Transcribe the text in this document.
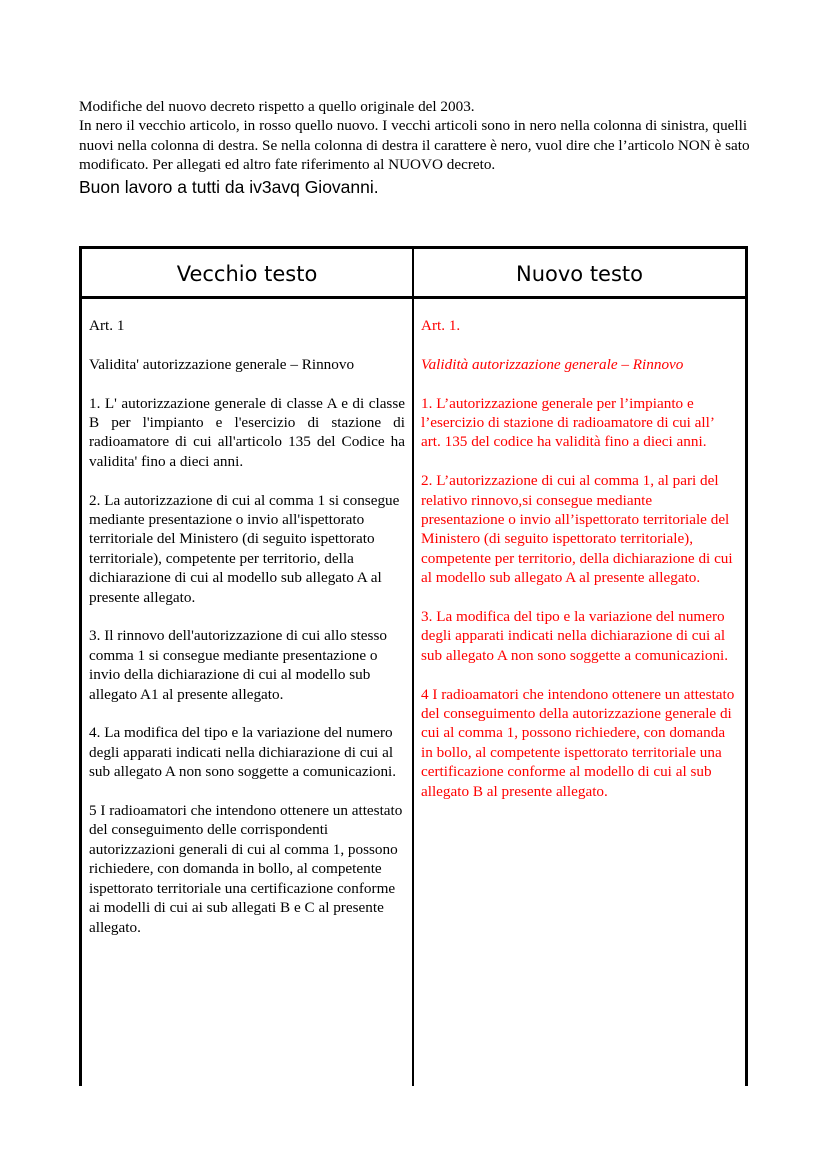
Modifiche del nuovo decreto rispetto a quello originale del 2003.

In nero il vecchio articolo, in rosso quello nuovo. I vecchi articoli sono in nero nella colonna di sinistra, quelli nuovi nella colonna di destra. Se nella colonna di destra il carattere è nero, vuol dire che l’articolo NON è sato modificato. Per allegati ed altro fate riferimento al NUOVO decreto.

Buon lavoro a tutti da iv3avq Giovanni.

Vecchio testo	Nuovo testo

Art. 1

Validita' autorizzazione generale – Rinnovo

1. L' autorizzazione generale di classe A e di classe B per l'impianto e l'esercizio di stazione di radioamatore di cui all'articolo 135 del Codice ha validita' fino a dieci anni.

2. La autorizzazione di cui al comma 1 si consegue mediante presentazione o invio all'ispettorato territoriale del Ministero (di seguito ispettorato territoriale), competente per territorio, della dichiarazione di cui al modello sub allegato A al presente allegato.

3. Il rinnovo dell'autorizzazione di cui allo stesso comma 1 si consegue mediante presentazione o invio della dichiarazione di cui al modello sub allegato A1 al presente allegato.

4. La modifica del tipo e la variazione del numero degli apparati indicati nella dichiarazione di cui al sub allegato A non sono soggette a comunicazioni.

5 I radioamatori che intendono ottenere un attestato del conseguimento delle corrispondenti autorizzazioni generali di cui al comma 1, possono richiedere, con domanda in bollo, al competente ispettorato territoriale una certificazione conforme ai modelli di cui ai sub allegati B e C al presente allegato.

Art. 1.

Validità autorizzazione generale – Rinnovo

1. L’autorizzazione generale per l’impianto e l’esercizio di stazione di radioamatore di cui all’ art. 135 del codice ha validità fino a dieci anni.

2. L’autorizzazione di cui al comma 1, al pari del relativo rinnovo,si consegue mediante presentazione o invio all’ispettorato territoriale del Ministero (di seguito ispettorato territoriale), competente per territorio, della dichiarazione di cui al modello sub allegato A al presente allegato.

3. La modifica del tipo e la variazione del numero degli apparati indicati nella dichiarazione di cui al sub allegato A non sono soggette a comunicazioni.

4 I radioamatori che intendono ottenere un attestato del conseguimento della autorizzazione generale di cui al comma 1, possono richiedere, con domanda in bollo, al competente ispettorato territoriale una certificazione conforme al modello di cui al sub allegato B al presente allegato.
